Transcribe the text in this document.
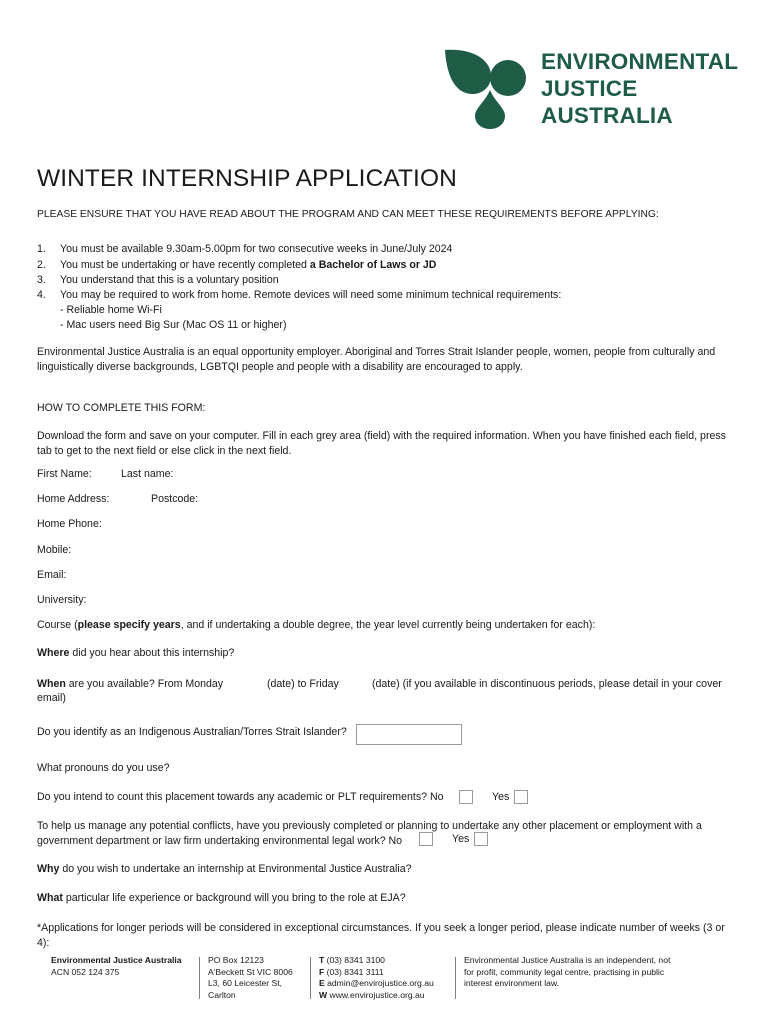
ENVIRONMENTAL
JUSTICE
AUSTRALIA
WINTER INTERNSHIP APPLICATION
PLEASE ENSURE THAT YOU HAVE READ ABOUT THE PROGRAM AND CAN MEET THESE REQUIREMENTS BEFORE APPLYING:
1. You must be available 9.30am-5.00pm for two consecutive weeks in June/July 2024
2. You must be undertaking or have recently completed a Bachelor of Laws or JD
3. You understand that this is a voluntary position
4. You may be required to work from home. Remote devices will need some minimum technical requirements:
- Reliable home Wi-Fi
- Mac users need Big Sur (Mac OS 11 or higher)
Environmental Justice Australia is an equal opportunity employer. Aboriginal and Torres Strait Islander people, women, people from culturally and linguistically diverse backgrounds, LGBTQI people and people with a disability are encouraged to apply.
HOW TO COMPLETE THIS FORM:
Download the form and save on your computer. Fill in each grey area (field) with the required information. When you have finished each field, press tab to get to the next field or else click in the next field.
First Name:	Last name:
Home Address:	Postcode:
Home Phone:
Mobile:
Email:
University:
Course (please specify years, and if undertaking a double degree, the year level currently being undertaken for each):
Where did you hear about this internship?
When are you available? From Monday	(date) to Friday	(date) (if you available in discontinuous periods, please detail in your cover
email)
Do you identify as an Indigenous Australian/Torres Strait Islander?
What pronouns do you use?
Do you intend to count this placement towards any academic or PLT requirements? No	Yes
To help us manage any potential conflicts, have you previously completed or planning to undertake any other placement or employment with a government department or law firm undertaking environmental legal work? No	Yes
Why do you wish to undertake an internship at Environmental Justice Australia?
What particular life experience or background will you bring to the role at EJA?
*Applications for longer periods will be considered in exceptional circumstances. If you seek a longer period, please indicate number of weeks (3 or 4):
Environmental Justice Australia
ACN 052 124 375
PO Box 12123
A'Beckett St VIC 8006
L3, 60 Leicester St,
Carlton
T (03) 8341 3100
F (03) 8341 3111
E admin@envirojustice.org.au
W www.envirojustice.org.au
Environmental Justice Australia is an independent, not
for profit, community legal centre, practising in public
interest environment law.
